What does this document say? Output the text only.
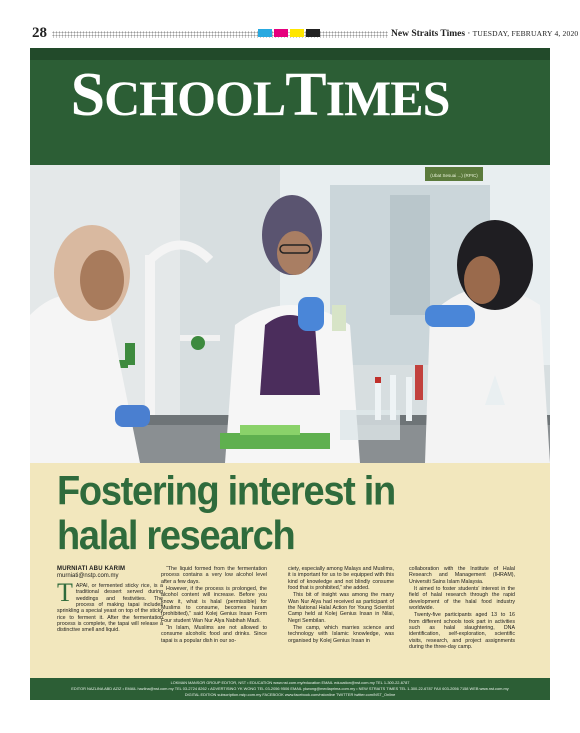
28	New Straits Times · TUESDAY, FEBRUARY 4, 2020
SCHOOLTIMES
(Ubat Sesuai ...) (RPIC)
Fostering interest in
halal research
MURNIATI ABU KARIM
murniati@nstp.com.my
T APAI, or fermented sticky rice, is a traditional dessert served during weddings and festivities. The process of making tapai includes sprinkling a special yeast on top of the sticky rice to ferment it. After the fermentation process is complete, the tapai will release a distinctive smell and liquid.

“The liquid formed from the fermentation process contains a very low alcohol level after a few days.

However, if the process is prolonged, the alcohol content will increase. Before you know it, what is halal (permissible) for Muslims to consume, becomes haram (prohibited),” said Kolej Genius Insan Form Four student Wan Nur Alya Nabihah Mazli.

“In Islam, Muslims are not allowed to consume alcoholic food and drinks. Since tapai is a popular dish in our so-

ciety, especially among Malays and Muslims, it is important for us to be equipped with this kind of knowledge and not blindly consume food that is prohibited,” she added.

This bit of insight was among the many Wan Nur Alya had received as participant of the National Halal Action for Young Scientist Camp held at Kolej Genius Insan in Nilai, Negri Sembilan.

The camp, which marries science and technology with Islamic knowledge, was organised by Kolej Genius Insan in

collaboration with the Institute of Halal Research and Management (IHRAM), Universiti Sains Islam Malaysia.

It aimed to foster students’ interest in the field of halal research through the rapid development of the halal food industry worldwide.

Twenty-five participants aged 13 to 16 from different schools took part in activities such as halal slaughtering, DNA identification, self-exploration, scientific visits, research, and project assignments during the three-day camp.

LOKMAN MANSOR GROUP EDITOR, NST • EDUCATION www.nst.com.my/education EMAIL education@nst.com.my TEL 1-300-22-6787
EDITOR NAZLINA ABD AZIZ • EMAIL hazlina@nst.com.my TEL 03-2724 8262 • ADVERTISING YK WONG TEL 03-2056 9506 EMAIL ykwong@mediaprima.com.my • NEW STRAITS TIMES TEL 1-300-22-6787 FAX 603-2056 7158 WEB www.nst.com.my
DIGITAL EDITION subscription.nstp.com.my FACEBOOK www.facebook.com/nstonline TWITTER twitter.com/NST_Online
